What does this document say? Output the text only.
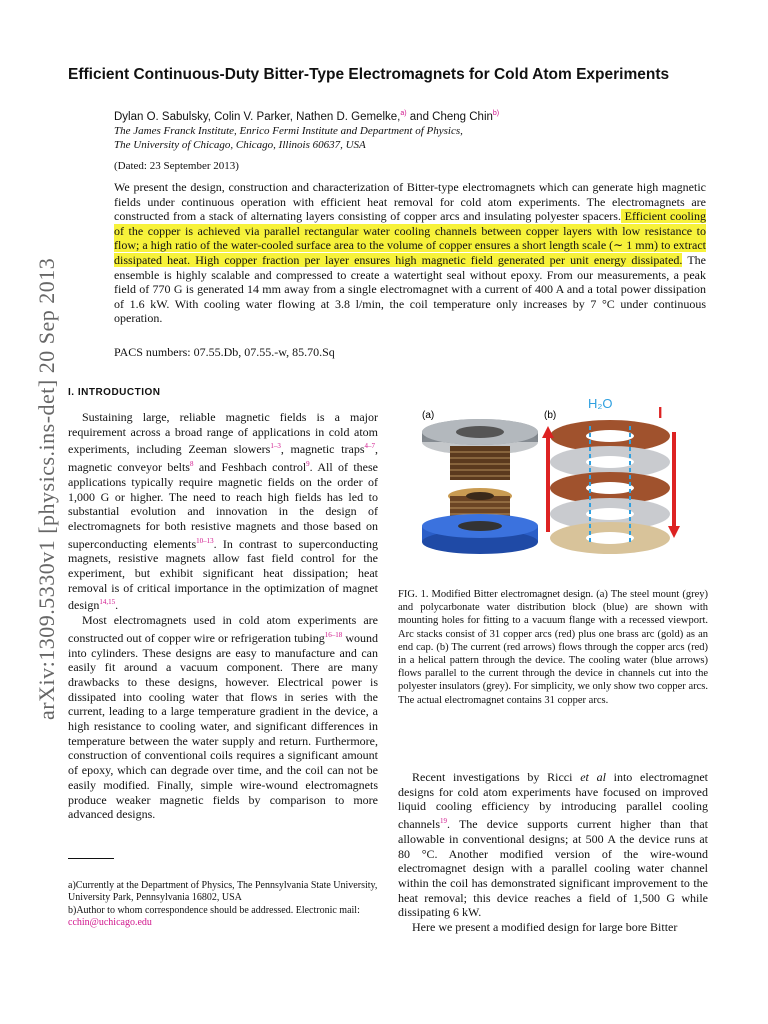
arXiv:1309.5330v1 [physics.ins-det] 20 Sep 2013
Efficient Continuous-Duty Bitter-Type Electromagnets for Cold Atom Experiments
Dylan O. Sabulsky, Colin V. Parker, Nathen D. Gemelke,$^{a)}$ and Cheng Chin$^{b)}$
The James Franck Institute, Enrico Fermi Institute and Department of Physics,
The University of Chicago, Chicago, Illinois 60637, USA
(Dated: 23 September 2013)
We present the design, construction and characterization of Bitter-type electromagnets which can generate high magnetic fields under continuous operation with efficient heat removal for cold atom experiments. The electromagnets are constructed from a stack of alternating layers consisting of copper arcs and insulating polyester spacers. Efficient cooling of the copper is achieved via parallel rectangular water cooling channels between copper layers with low resistance to flow; a high ratio of the water-cooled surface area to the volume of copper ensures a short length scale (∼ 1 mm) to extract dissipated heat. High copper fraction per layer ensures high magnetic field generated per unit energy dissipated. The ensemble is highly scalable and compressed to create a watertight seal without epoxy. From our measurements, a peak field of 770 G is generated 14 mm away from a single electromagnet with a current of 400 A and a total power dissipation of 1.6 kW. With cooling water flowing at 3.8 l/min, the coil temperature only increases by 7 °C under continuous operation.
PACS numbers: 07.55.Db, 07.55.-w, 85.70.Sq
I. INTRODUCTION

Sustaining large, reliable magnetic fields is a major requirement across a broad range of applications in cold atom experiments, including Zeeman slowers$^{1-3}$, magnetic traps$^{4-7}$, magnetic conveyor belts$^8$ and Feshbach control$^9$. All of these applications typically require magnetic fields on the order of 1,000 G or higher. The need to reach high fields has led to substantial evolution and innovation in the design of electromagnets for both resistive magnets and those based on superconducting elements$^{10-13}$. In contrast to superconducting magnets, resistive magnets allow fast field control for the experiment, but exhibit significant heat dissipation; heat removal is of critical importance in the optimization of magnet design$^{14,15}$.

Most electromagnets used in cold atom experiments are constructed out of copper wire or refrigeration tubing$^{16-18}$ wound into cylinders. These designs are easy to manufacture and can easily fit around a vacuum component. There are many drawbacks to these designs, however. Electrical power is dissipated into cooling water that flows in series with the current, leading to a large temperature gradient in the device, a high resistance to cooling water, and significant differences in temperature between the water supply and return. Furthermore, construction of conventional coils requires a significant amount of epoxy, which can degrade over time, and the coil can not be easily modified. Finally, simple wire-wound electromagnets produce weaker magnetic fields by comparison to more advanced designs.

a)Currently at the Department of Physics, The Pennsylvania State University, University Park, Pennsylvania 16802, USA
b)Author to whom correspondence should be addressed. Electronic mail: cchin@uchicago.edu
(a)	(b)
H₂O
I
FIG. 1. Modified Bitter electromagnet design. (a) The steel mount (grey) and polycarbonate water distribution block (blue) are shown with mounting holes for fitting to a vacuum flange with a recessed viewport. Arc stacks consist of 31 copper arcs (red) plus one brass arc (gold) as an end cap. (b) The current (red arrows) flows through the copper arcs (red) in a helical pattern through the device. The cooling water (blue arrows) flows parallel to the current through the device in channels cut into the polyester insulators (grey). For simplicity, we only show two copper arcs. The actual electromagnet contains 31 copper arcs.

Recent investigations by Ricci et al into electromagnet designs for cold atom experiments have focused on improved liquid cooling efficiency by introducing parallel cooling channels$^{19}$. The device supports current higher than that allowable in conventional designs; at 500 A the device runs at 80 °C. Another modified version of the wire-wound electromagnet design with a parallel cooling water channel within the coil has demonstrated significant improvement to the heat removal; this device reaches a field of 1,500 G while dissipating 6 kW.

Here we present a modified design for large bore Bitter
